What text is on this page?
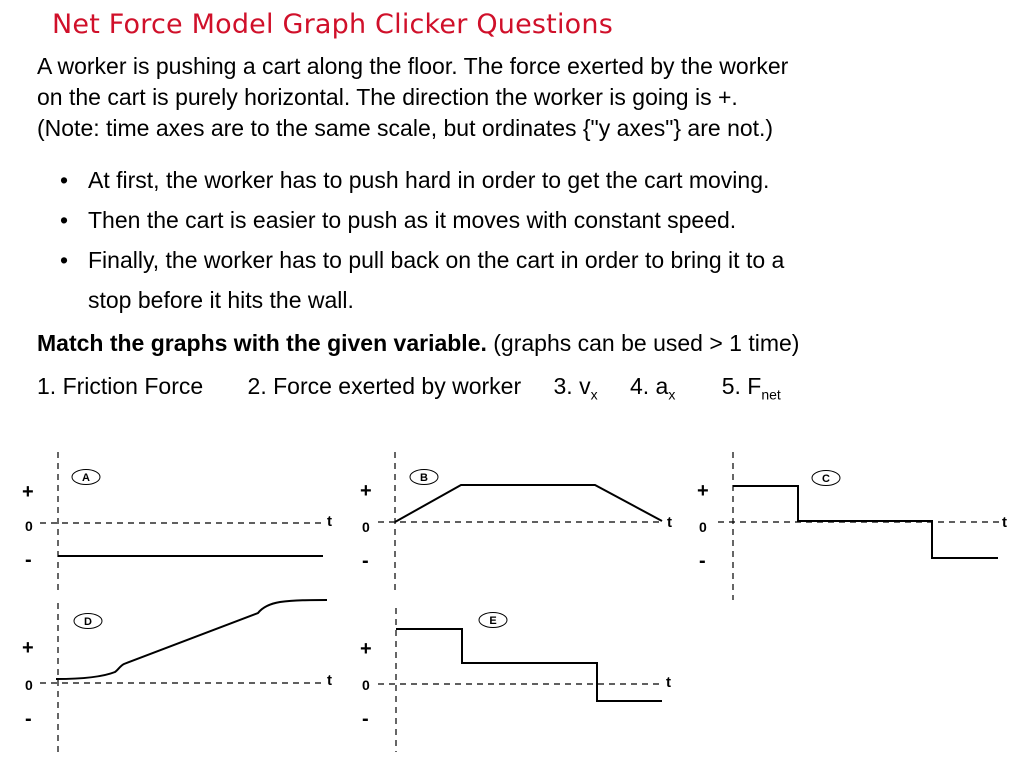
Net Force Model Graph Clicker Questions
A worker is pushing a cart along the floor. The force exerted by the worker
on the cart is purely horizontal. The direction the worker is going is +.
(Note: time axes are to the same scale, but ordinates {"y axes"} are not.)
• At first, the worker has to push hard in order to get the cart moving.
• Then the cart is easier to push as it moves with constant speed.
• Finally, the worker has to pull back on the cart in order to bring it to a
stop before it hits the wall.
Match the graphs with the given variable. (graphs can be used > 1 time)
1. Friction Force 2. Force exerted by worker 3. $v_x$ 4. $a_x$ 5. $F_{net}$
+
0
-
t
A
+
0
-
t
B
+
0
-
t
C
+
0
-
t
D
+
0
-
t
E
